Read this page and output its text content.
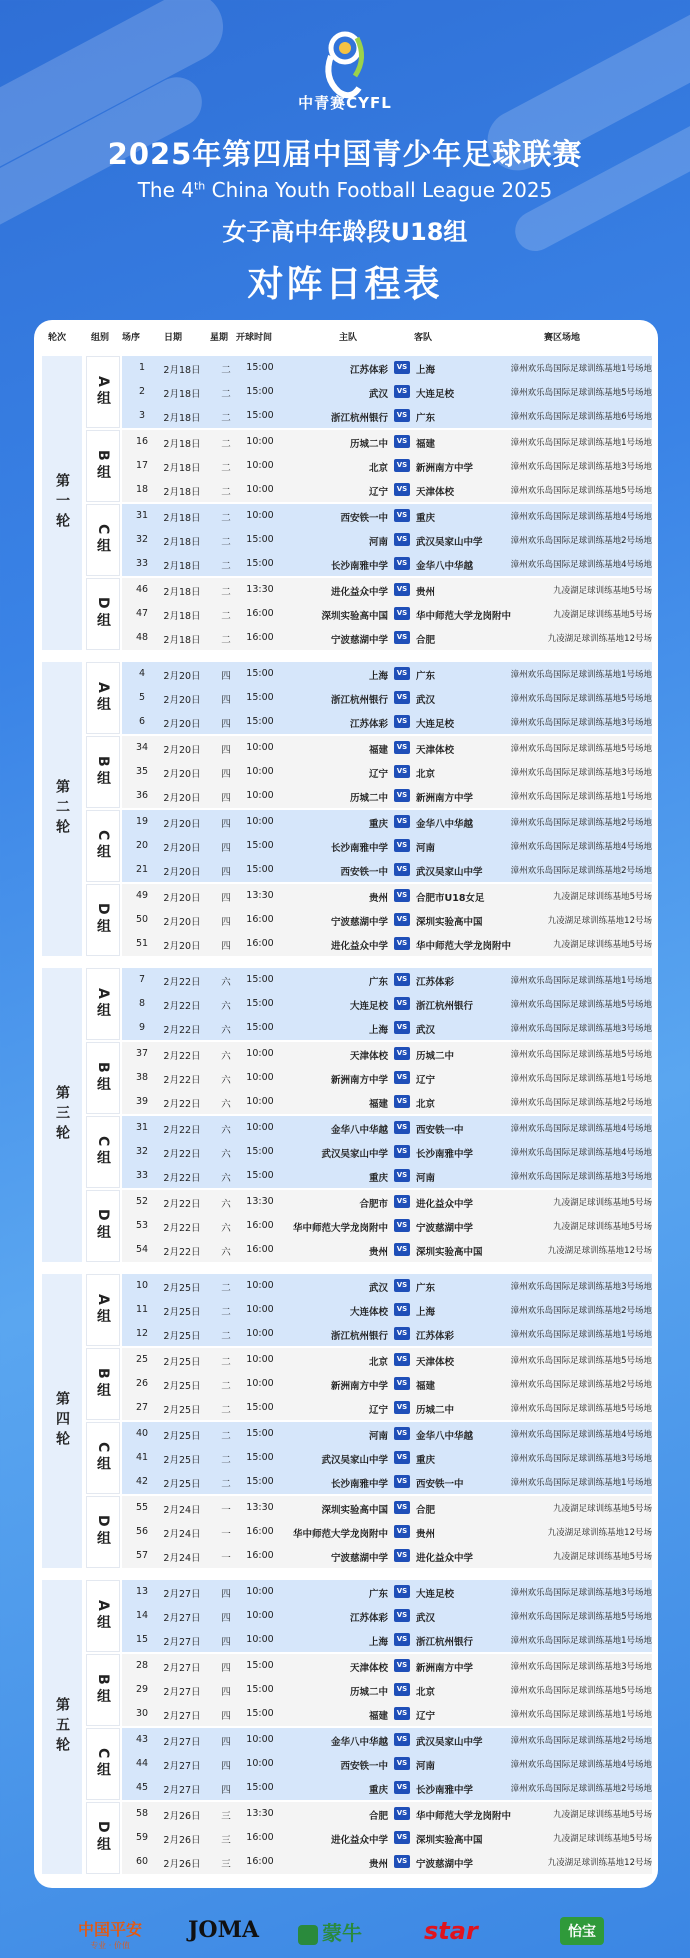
中青赛CYFL
2025年第四届中国青少年足球联赛
The 4th China Youth Football League 2025
女子高中年龄段U18组
对阵日程表
轮次	组别 场序	日期	星期 开球时间	主队	客队	赛区场地
第一轮
A组
1	2月18日	二	15:00	江苏体彩	VS 上海	漳州欢乐岛国际足球训练基地1号场地
2	2月18日	二	15:00	武汉	VS 大连足校	漳州欢乐岛国际足球训练基地5号场地
3	2月18日	二	15:00	浙江杭州银行	VS 广东	漳州欢乐岛国际足球训练基地6号场地
B组
16	2月18日	二	10:00	历城二中	VS 福建	漳州欢乐岛国际足球训练基地1号场地
17	2月18日	二	10:00	北京	VS 新洲南方中学	漳州欢乐岛国际足球训练基地3号场地
18	2月18日	二	10:00	辽宁	VS 天津体校	漳州欢乐岛国际足球训练基地5号场地
C组
31	2月18日	二	10:00	西安铁一中	VS 重庆	漳州欢乐岛国际足球训练基地4号场地
32	2月18日	二	15:00	河南	VS 武汉吴家山中学	漳州欢乐岛国际足球训练基地2号场地
33	2月18日	二	15:00	长沙南雅中学	VS 金华八中华越	漳州欢乐岛国际足球训练基地4号场地
D组
46	2月18日	二	13:30	进化益众中学	VS 贵州	九凌湖足球训练基地5号场
47	2月18日	二	16:00	深圳实验高中国	VS 华中师范大学龙岗附中	九凌湖足球训练基地5号场
48	2月18日	二	16:00	宁波慈湖中学	VS 合肥	九凌湖足球训练基地12号场
第二轮
A组
4	2月20日	四	15:00	上海	VS 广东	漳州欢乐岛国际足球训练基地1号场地
5	2月20日	四	15:00	浙江杭州银行	VS 武汉	漳州欢乐岛国际足球训练基地5号场地
6	2月20日	四	15:00	江苏体彩	VS 大连足校	漳州欢乐岛国际足球训练基地3号场地
B组
34	2月20日	四	10:00	福建	VS 天津体校	漳州欢乐岛国际足球训练基地5号场地
35	2月20日	四	10:00	辽宁	VS 北京	漳州欢乐岛国际足球训练基地3号场地
36	2月20日	四	10:00	历城二中	VS 新洲南方中学	漳州欢乐岛国际足球训练基地1号场地
C组
19	2月20日	四	10:00	重庆	VS 金华八中华越	漳州欢乐岛国际足球训练基地2号场地
20	2月20日	四	15:00	长沙南雅中学	VS 河南	漳州欢乐岛国际足球训练基地4号场地
21	2月20日	四	15:00	西安铁一中	VS 武汉吴家山中学	漳州欢乐岛国际足球训练基地2号场地
D组
49	2月20日	四	13:30	贵州	VS 合肥市U18女足	九凌湖足球训练基地5号场
50	2月20日	四	16:00	宁波慈湖中学	VS 深圳实验高中国	九凌湖足球训练基地12号场
51	2月20日	四	16:00	进化益众中学	VS 华中师范大学龙岗附中	九凌湖足球训练基地5号场
第三轮
A组
7	2月22日	六	15:00	广东	VS 江苏体彩	漳州欢乐岛国际足球训练基地1号场地
8	2月22日	六	15:00	大连足校	VS 浙江杭州银行	漳州欢乐岛国际足球训练基地5号场地
9	2月22日	六	15:00	上海	VS 武汉	漳州欢乐岛国际足球训练基地3号场地
B组
37	2月22日	六	10:00	天津体校	VS 历城二中	漳州欢乐岛国际足球训练基地5号场地
38	2月22日	六	10:00	新洲南方中学	VS 辽宁	漳州欢乐岛国际足球训练基地1号场地
39	2月22日	六	10:00	福建	VS 北京	漳州欢乐岛国际足球训练基地2号场地
C组
31	2月22日	六	10:00	金华八中华越	VS 西安铁一中	漳州欢乐岛国际足球训练基地4号场地
32	2月22日	六	15:00	武汉吴家山中学	VS 长沙南雅中学	漳州欢乐岛国际足球训练基地4号场地
33	2月22日	六	15:00	重庆	VS 河南	漳州欢乐岛国际足球训练基地3号场地
D组
52	2月22日	六	13:30	合肥市	VS 进化益众中学	九凌湖足球训练基地5号场
53	2月22日	六	16:00	华中师范大学龙岗附中	VS 宁波慈湖中学	九凌湖足球训练基地5号场
54	2月22日	六	16:00	贵州	VS 深圳实验高中国	九凌湖足球训练基地12号场
第四轮
A组
10	2月25日	二	10:00	武汉	VS 广东	漳州欢乐岛国际足球训练基地3号场地
11	2月25日	二	10:00	大连体校	VS 上海	漳州欢乐岛国际足球训练基地2号场地
12	2月25日	二	10:00	浙江杭州银行	VS 江苏体彩	漳州欢乐岛国际足球训练基地1号场地
B组
25	2月25日	二	10:00	北京	VS 天津体校	漳州欢乐岛国际足球训练基地5号场地
26	2月25日	二	10:00	新洲南方中学	VS 福建	漳州欢乐岛国际足球训练基地2号场地
27	2月25日	二	15:00	辽宁	VS 历城二中	漳州欢乐岛国际足球训练基地5号场地
C组
40	2月25日	二	15:00	河南	VS 金华八中华越	漳州欢乐岛国际足球训练基地4号场地
41	2月25日	二	15:00	武汉吴家山中学	VS 重庆	漳州欢乐岛国际足球训练基地3号场地
42	2月25日	二	15:00	长沙南雅中学	VS 西安铁一中	漳州欢乐岛国际足球训练基地1号场地
D组
55	2月24日	一	13:30	深圳实验高中国	VS 合肥	九凌湖足球训练基地5号场
56	2月24日	一	16:00	华中师范大学龙岗附中	VS 贵州	九凌湖足球训练基地12号场
57	2月24日	一	16:00	宁波慈湖中学	VS 进化益众中学	九凌湖足球训练基地5号场
第五轮
A组
13	2月27日	四	10:00	广东	VS 大连足校	漳州欢乐岛国际足球训练基地3号场地
14	2月27日	四	10:00	江苏体彩	VS 武汉	漳州欢乐岛国际足球训练基地5号场地
15	2月27日	四	10:00	上海	VS 浙江杭州银行	漳州欢乐岛国际足球训练基地1号场地
B组
28	2月27日	四	15:00	天津体校	VS 新洲南方中学	漳州欢乐岛国际足球训练基地3号场地
29	2月27日	四	15:00	历城二中	VS 北京	漳州欢乐岛国际足球训练基地5号场地
30	2月27日	四	15:00	福建	VS 辽宁	漳州欢乐岛国际足球训练基地1号场地
C组
43	2月27日	四	10:00	金华八中华越	VS 武汉吴家山中学	漳州欢乐岛国际足球训练基地2号场地
44	2月27日	四	10:00	西安铁一中	VS 河南	漳州欢乐岛国际足球训练基地4号场地
45	2月27日	四	15:00	重庆	VS 长沙南雅中学	漳州欢乐岛国际足球训练基地2号场地
D组
58	2月26日	三	13:30	合肥	VS 华中师范大学龙岗附中	九凌湖足球训练基地5号场
59	2月26日	三	16:00	进化益众中学	VS 深圳实验高中国	九凌湖足球训练基地5号场
60	2月26日	三	16:00	贵州	VS 宁波慈湖中学	九凌湖足球训练基地12号场
中国平安
专业 · 价值
JOMA	蒙牛	star	怡宝
